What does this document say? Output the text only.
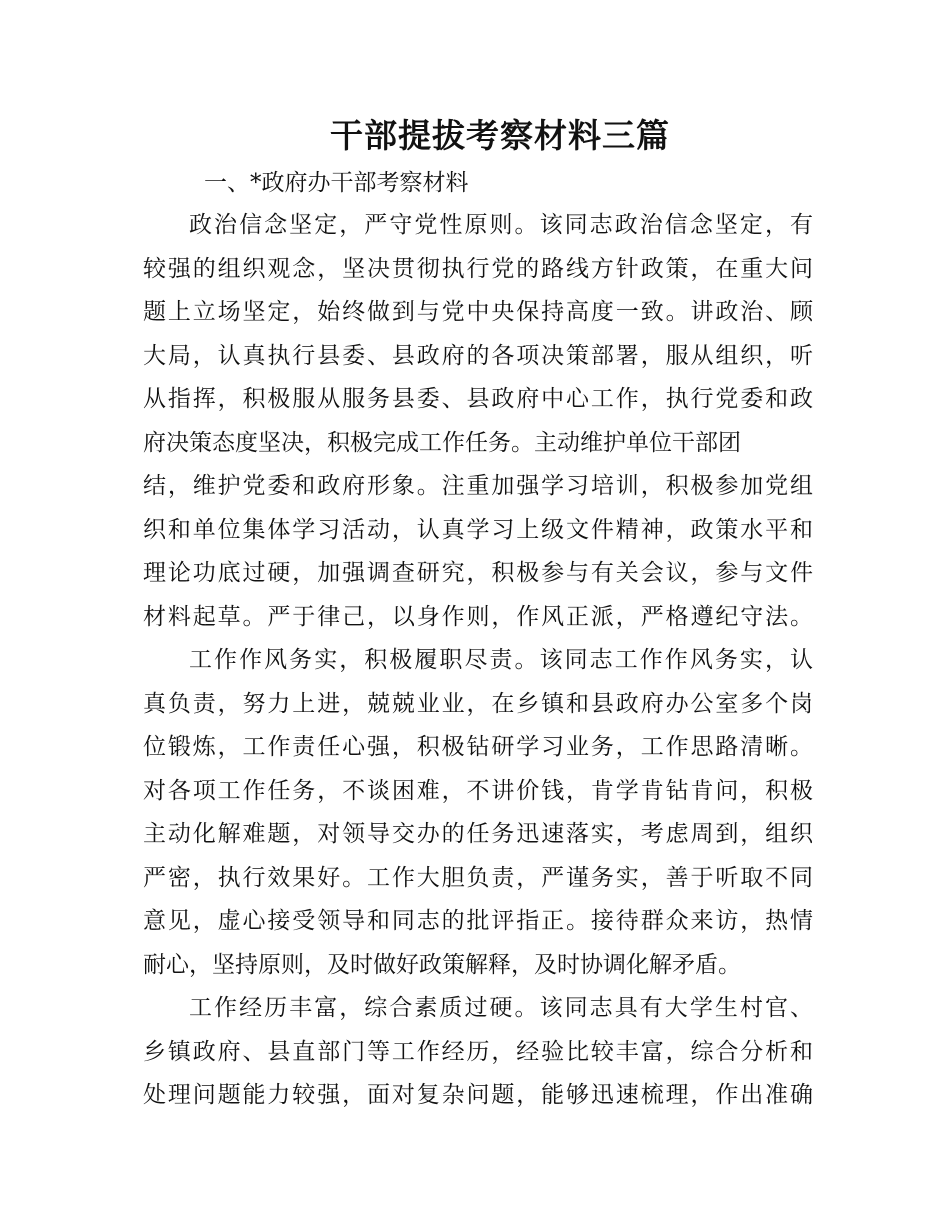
干部提拔考察材料三篇
一、*政府办干部考察材料
政治信念坚定，严守党性原则。该同志政治信念坚定，有
较强的组织观念，坚决贯彻执行党的路线方针政策，在重大问
题上立场坚定，始终做到与党中央保持高度一致。讲政治、顾
大局，认真执行县委、县政府的各项决策部署，服从组织，听
从指挥，积极服从服务县委、县政府中心工作，执行党委和政
府决策态度坚决，积极完成工作任务。主动维护单位干部团
结，维护党委和政府形象。注重加强学习培训，积极参加党组
织和单位集体学习活动，认真学习上级文件精神，政策水平和
理论功底过硬，加强调查研究，积极参与有关会议，参与文件
材料起草。严于律己，以身作则，作风正派，严格遵纪守法。
工作作风务实，积极履职尽责。该同志工作作风务实，认
真负责，努力上进，兢兢业业，在乡镇和县政府办公室多个岗
位锻炼，工作责任心强，积极钻研学习业务，工作思路清晰。
对各项工作任务，不谈困难，不讲价钱，肯学肯钻肯问，积极
主动化解难题，对领导交办的任务迅速落实，考虑周到，组织
严密，执行效果好。工作大胆负责，严谨务实，善于听取不同
意见，虚心接受领导和同志的批评指正。接待群众来访，热情
耐心，坚持原则，及时做好政策解释，及时协调化解矛盾。
工作经历丰富，综合素质过硬。该同志具有大学生村官、
乡镇政府、县直部门等工作经历，经验比较丰富，综合分析和
处理问题能力较强，面对复杂问题，能够迅速梳理，作出准确
